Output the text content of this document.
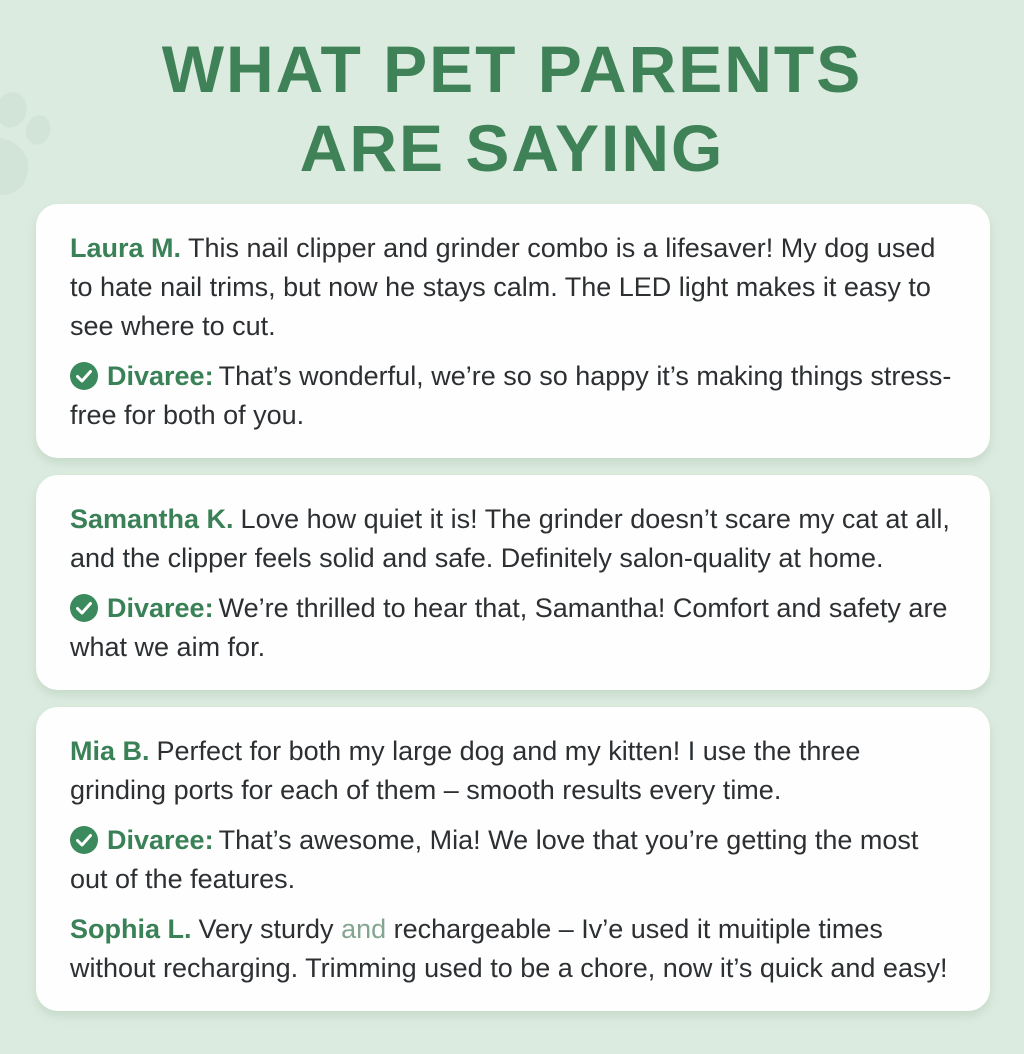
WHAT PET PARENTS
ARE SAYING

Laura M. This nail clipper and grinder combo is a lifesaver! My dog used to hate nail trims, but now he stays calm. The LED light makes it easy to see where to cut.

Divaree: That’s wonderful, we’re so so happy it’s making things stress-free for both of you.

Samantha K. Love how quiet it is! The grinder doesn’t scare my cat at all, and the clipper feels solid and safe. Definitely salon-quality at home.

Divaree: We’re thrilled to hear that, Samantha! Comfort and safety are what we aim for.

Mia B. Perfect for both my large dog and my kitten! I use the three grinding ports for each of them – smooth results every time.

Divaree: That’s awesome, Mia! We love that you’re getting the most out of the features.

Sophia L. Very sturdy and rechargeable – Iv’e used it muitiple times without recharging. Trimming used to be a chore, now it’s quick and easy!
